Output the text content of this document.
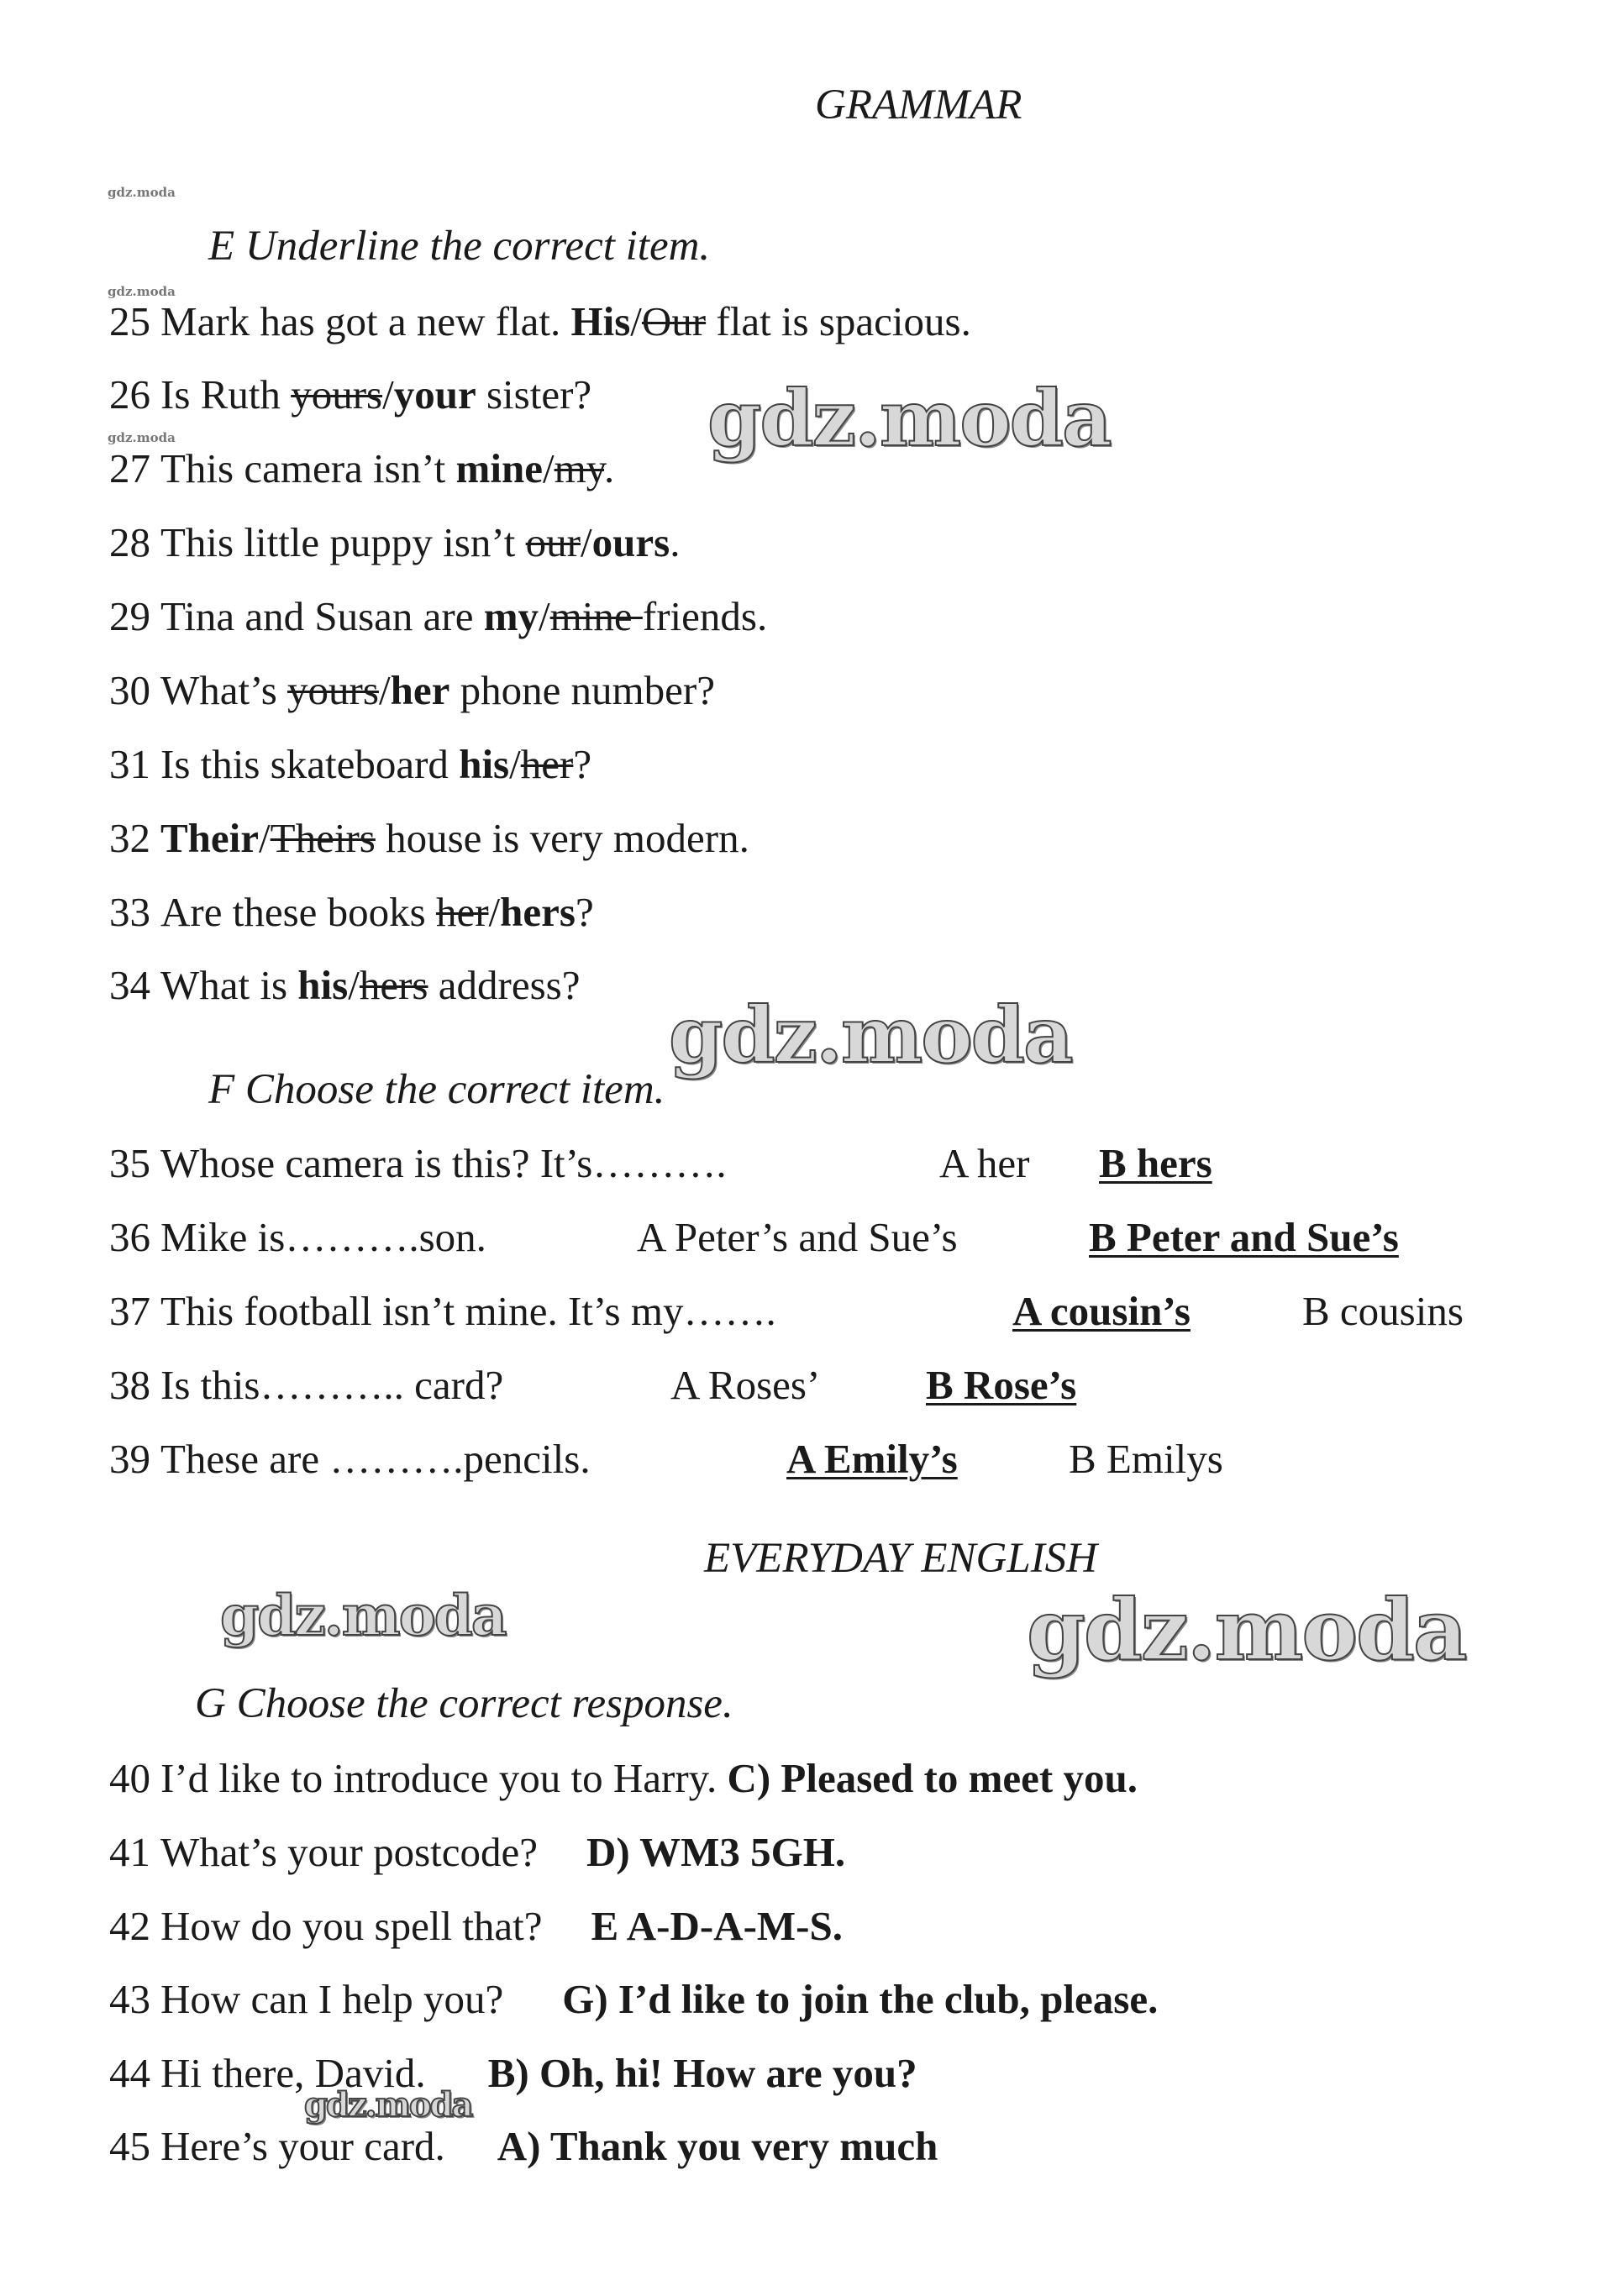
GRAMMAR
E Underline the correct item.
25 Mark has got a new flat. His/Our flat is spacious.
26 Is Ruth yours/your sister?
27 This camera isn’t mine/my.
28 This little puppy isn’t our/ours.
29 Tina and Susan are my/mine friends.
30 What’s yours/her phone number?
31 Is this skateboard his/her?
32 Their/Theirs house is very modern.
33 Are these books her/hers?
34 What is his/hers address?
F Choose the correct item.
35 Whose camera is this? It’s……….	A her B hers
36 Mike is……….son.	A Peter’s and Sue’s	B Peter and Sue’s
37 This football isn’t mine. It’s my…….	A cousin’s	B cousins
38 Is this……….. card?	A Roses’	B Rose’s
39 These are ……….pencils.	A Emily’s	B Emilys
EVERYDAY ENGLISH
G Choose the correct response.
40 I’d like to introduce you to Harry. C) Pleased to meet you.
41 What’s your postcode? D) WM3 5GH.
42 How do you spell that? E A-D-A-M-S.
43 How can I help you? G) I’d like to join the club, please.
44 Hi there, David. B) Oh, hi! How are you?
45 Here’s your card. A) Thank you very much
gdz.moda
gdz.moda
gdz.moda	gdz.moda
gdz.moda
gdz.moda	gdz.moda
gdz.moda
